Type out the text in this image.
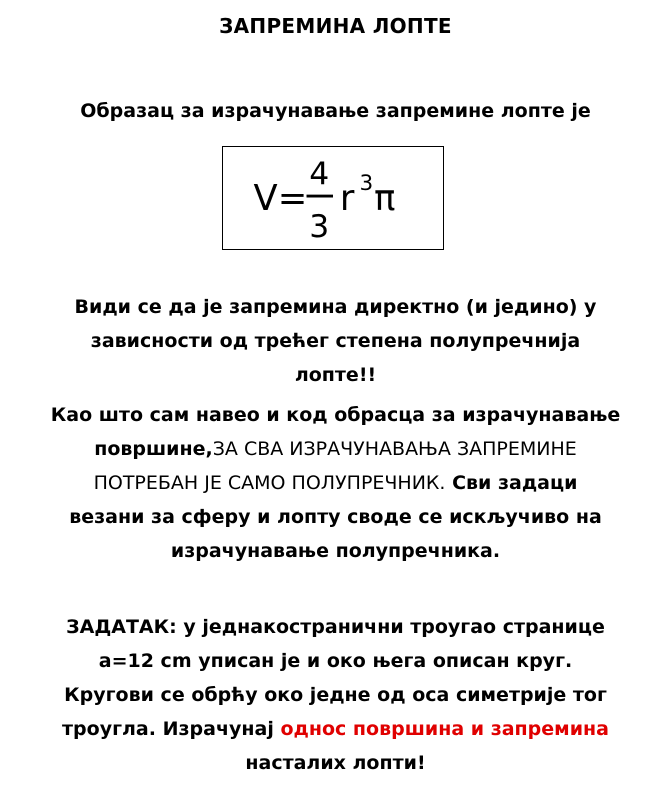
ЗАПРЕМИНА ЛОПТЕ
Образац за израчунавање запремине лопте је
V=
4
3
r 3 π
Види се да је запремина директно (и једино) у
зависности од трећег степена полупречнија
лопте!!
Као што сам навео и код обрасца за израчунавање
површине,ЗА СВА ИЗРАЧУНАВАЊА ЗАПРЕМИНЕ
ПОТРЕБАН ЈЕ САМО ПОЛУПРЕЧНИК. Сви задаци
везани за сферу и лопту своде се искључиво на
израчунавање полупречника.
ЗАДАТАК: у једнакостранични троугао странице
a=12 cm уписан је и око њега описан круг.
Кругови се обрћу око једне од оса симетрије тог
троугла. Израчунај однос површина и запремина
насталих лопти!
